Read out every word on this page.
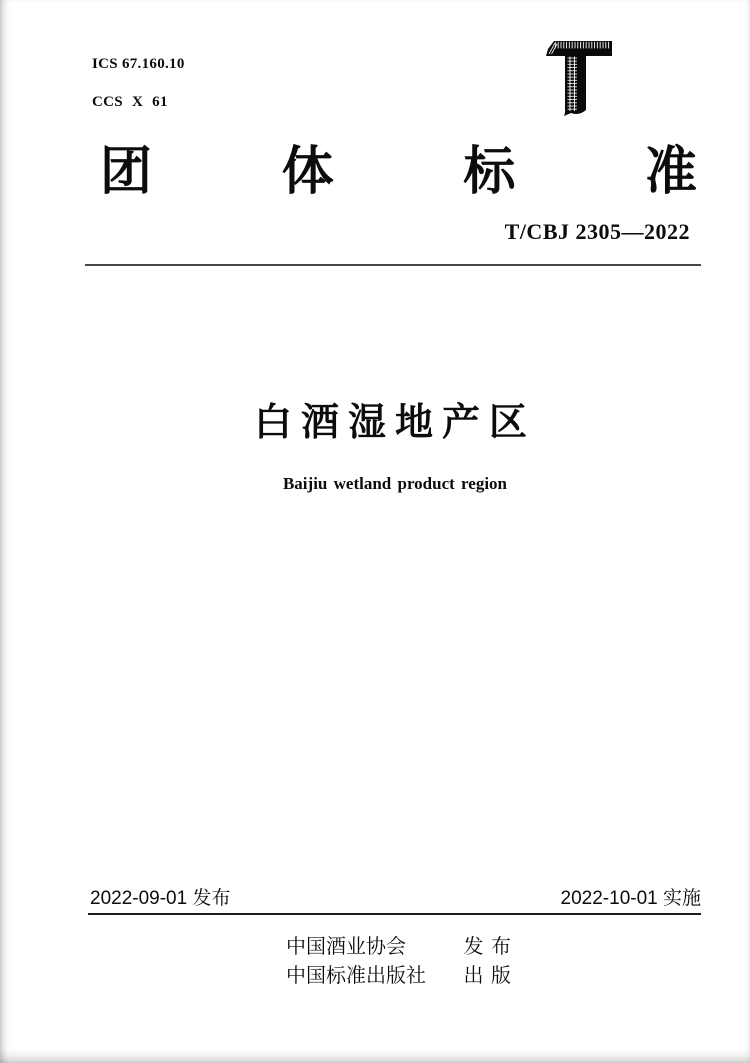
ICS 67.160.10

CCS X 61

团 体 标 准
T/CBJ 2305—2022
白酒湿地产区
Baijiu wetland product region
2022-09-01 发布	2022-10-01 实施
中国酒业协会	发 布
中国标准出版社 出 版
